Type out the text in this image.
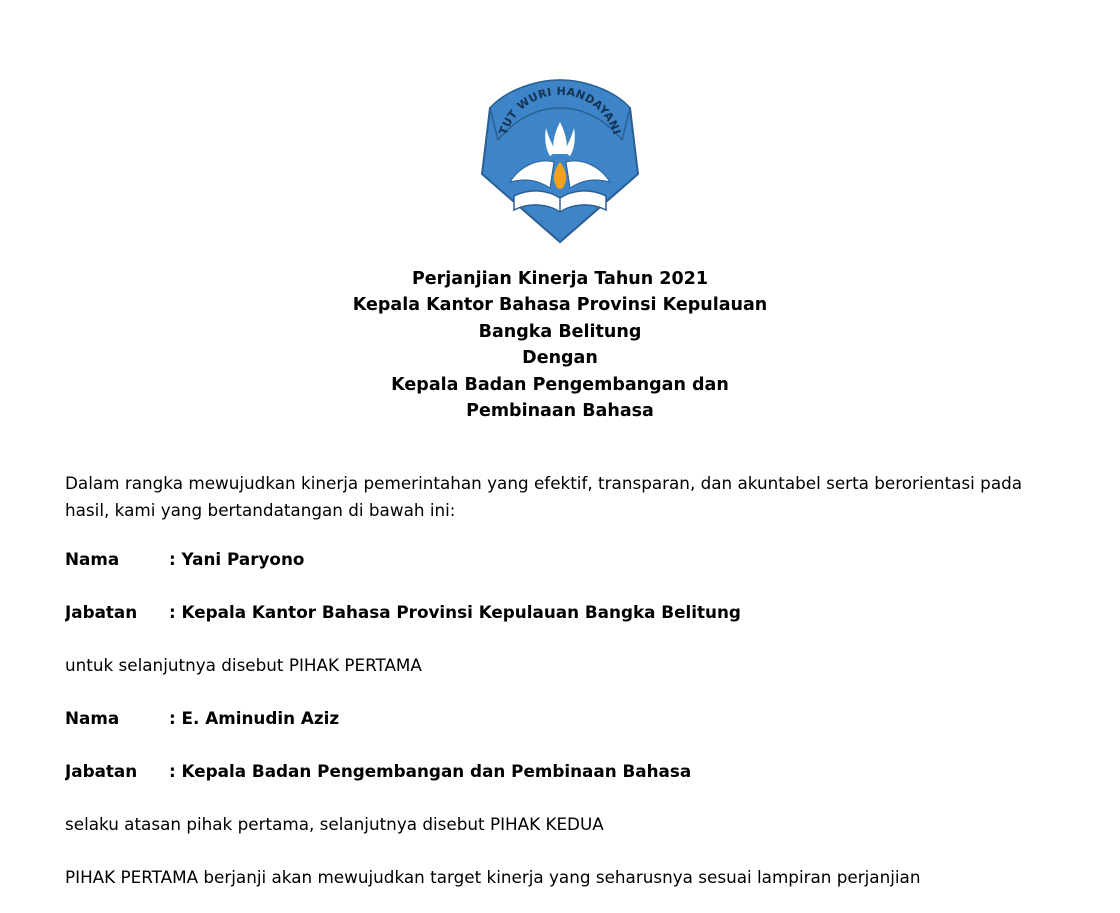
TUT WURI HANDAYANI
Perjanjian Kinerja Tahun 2021
Kepala Kantor Bahasa Provinsi Kepulauan
Bangka Belitung
Dengan
Kepala Badan Pengembangan dan
Pembinaan Bahasa

Dalam rangka mewujudkan kinerja pemerintahan yang efektif, transparan, dan akuntabel serta berorientasi pada hasil, kami yang bertandatangan di bawah ini:

Nama	: Yani Paryono

Jabatan : Kepala Kantor Bahasa Provinsi Kepulauan Bangka Belitung

untuk selanjutnya disebut PIHAK PERTAMA

Nama	: E. Aminudin Aziz

Jabatan : Kepala Badan Pengembangan dan Pembinaan Bahasa

selaku atasan pihak pertama, selanjutnya disebut PIHAK KEDUA

PIHAK PERTAMA berjanji akan mewujudkan target kinerja yang seharusnya sesuai lampiran perjanjian
